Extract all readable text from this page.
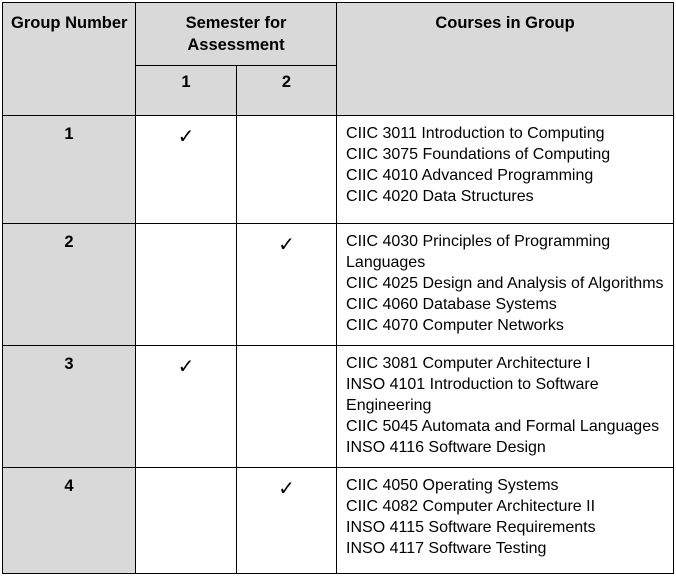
Group Number	Semester for Assessment		Courses in Group
	1	2	
1	✓		CIIC 3011 Introduction to Computing
CIIC 3075 Foundations of Computing
CIIC 4010 Advanced Programming
CIIC 4020 Data Structures

2		✓	CIIC 4030 Principles of Programming Languages
CIIC 4025 Design and Analysis of Algorithms
CIIC 4060 Database Systems
CIIC 4070 Computer Networks

3	✓		CIIC 3081 Computer Architecture I
INSO 4101 Introduction to Software Engineering
CIIC 5045 Automata and Formal Languages
INSO 4116 Software Design

4		✓	CIIC 4050 Operating Systems
CIIC 4082 Computer Architecture II
INSO 4115 Software Requirements
INSO 4117 Software Testing
